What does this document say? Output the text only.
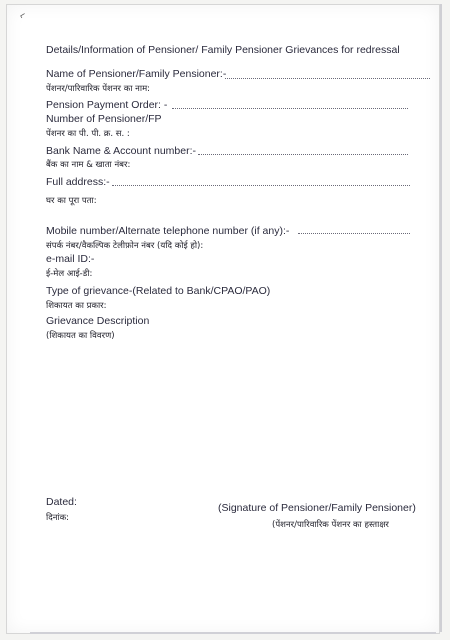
⌐
Details/Information of Pensioner/ Family Pensioner Grievances for redressal
Name of Pensioner/Family Pensioner:-
पेंशनर/पारिवारिक पेंशनर का नाम:
Pension Payment Order: -
Number of Pensioner/FP
पेंशनर का पी. पी. क्र. स. :
Bank Name & Account number:-
बैंक का नाम & खाता नंबर:
Full address:-
घर का पूरा पता:
Mobile number/Alternate telephone number (if any):-
संपर्क नंबर/वैकल्पिक टेलीफ़ोन नंबर (यदि कोई हो):
e-mail ID:-
ई-मेल आई-डी:
Type of grievance-(Related to Bank/CPAO/PAO)
शिकायत का प्रकार:
Grievance Description
(शिकायत का विवरण)
Dated:
दिनांक:
(Signature of Pensioner/Family Pensioner)
(पेंशनर/पारिवारिक पेंशनर का हस्ताक्षर
